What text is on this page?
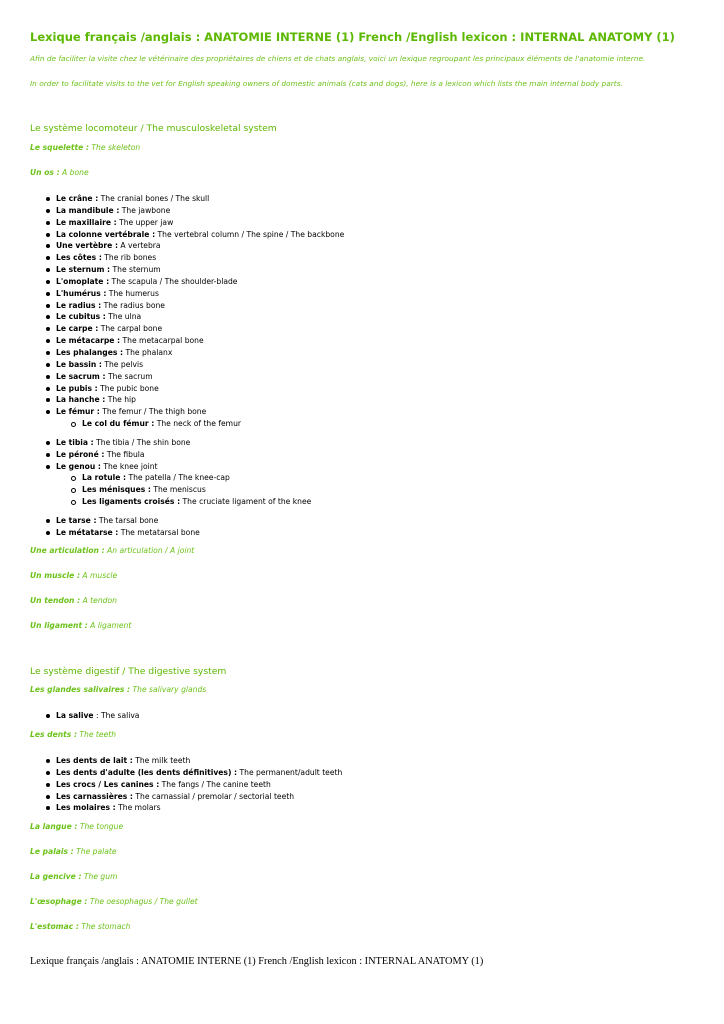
Lexique français /anglais : ANATOMIE INTERNE (1) French /English lexicon : INTERNAL ANATOMY (1)
Afin de faciliter la visite chez le vétérinaire des propriétaires de chiens et de chats anglais, voici un lexique regroupant les principaux éléments de l'anatomie interne.
In order to facilitate visits to the vet for English speaking owners of domestic animals (cats and dogs), here is a lexicon which lists the main internal body parts.
Le système locomoteur / The musculoskeletal system
Le squelette : The skeleton
Un os : A bone
Le crâne : The cranial bones / The skull
La mandibule : The jawbone
Le maxillaire : The upper jaw
La colonne vertébrale : The vertebral column / The spine / The backbone
Une vertèbre : A vertebra
Les côtes : The rib bones
Le sternum : The sternum
L'omoplate : The scapula / The shoulder-blade
L'humérus : The humerus
Le radius : The radius bone
Le cubitus : The ulna
Le carpe : The carpal bone
Le métacarpe : The metacarpal bone
Les phalanges : The phalanx
Le bassin : The pelvis
Le sacrum : The sacrum
Le pubis : The pubic bone
La hanche : The hip
Le fémur : The femur / The thigh bone
Le col du fémur : The neck of the femur
Le tibia : The tibia / The shin bone
Le péroné : The fibula
Le genou : The knee joint
La rotule : The patella / The knee-cap
Les ménisques : The meniscus
Les ligaments croisés : The cruciate ligament of the knee
Le tarse : The tarsal bone
Le métatarse : The metatarsal bone
Une articulation : An articulation / A joint
Un muscle : A muscle
Un tendon : A tendon
Un ligament : A ligament
Le système digestif / The digestive system
Les glandes salivaires : The salivary glands
La salive : The saliva
Les dents : The teeth
Les dents de lait : The milk teeth
Les dents d'adulte (les dents définitives) : The permanent/adult teeth
Les crocs / Les canines : The fangs / The canine teeth
Les carnassières : The carnassial / premolar / sectorial teeth
Les molaires : The molars
La langue : The tongue
Le palais : The palate
La gencive : The gum
L'œsophage : The oesophagus / The gullet
L'estomac : The stomach
Lexique français /anglais : ANATOMIE INTERNE (1) French /English lexicon : INTERNAL ANATOMY (1)
